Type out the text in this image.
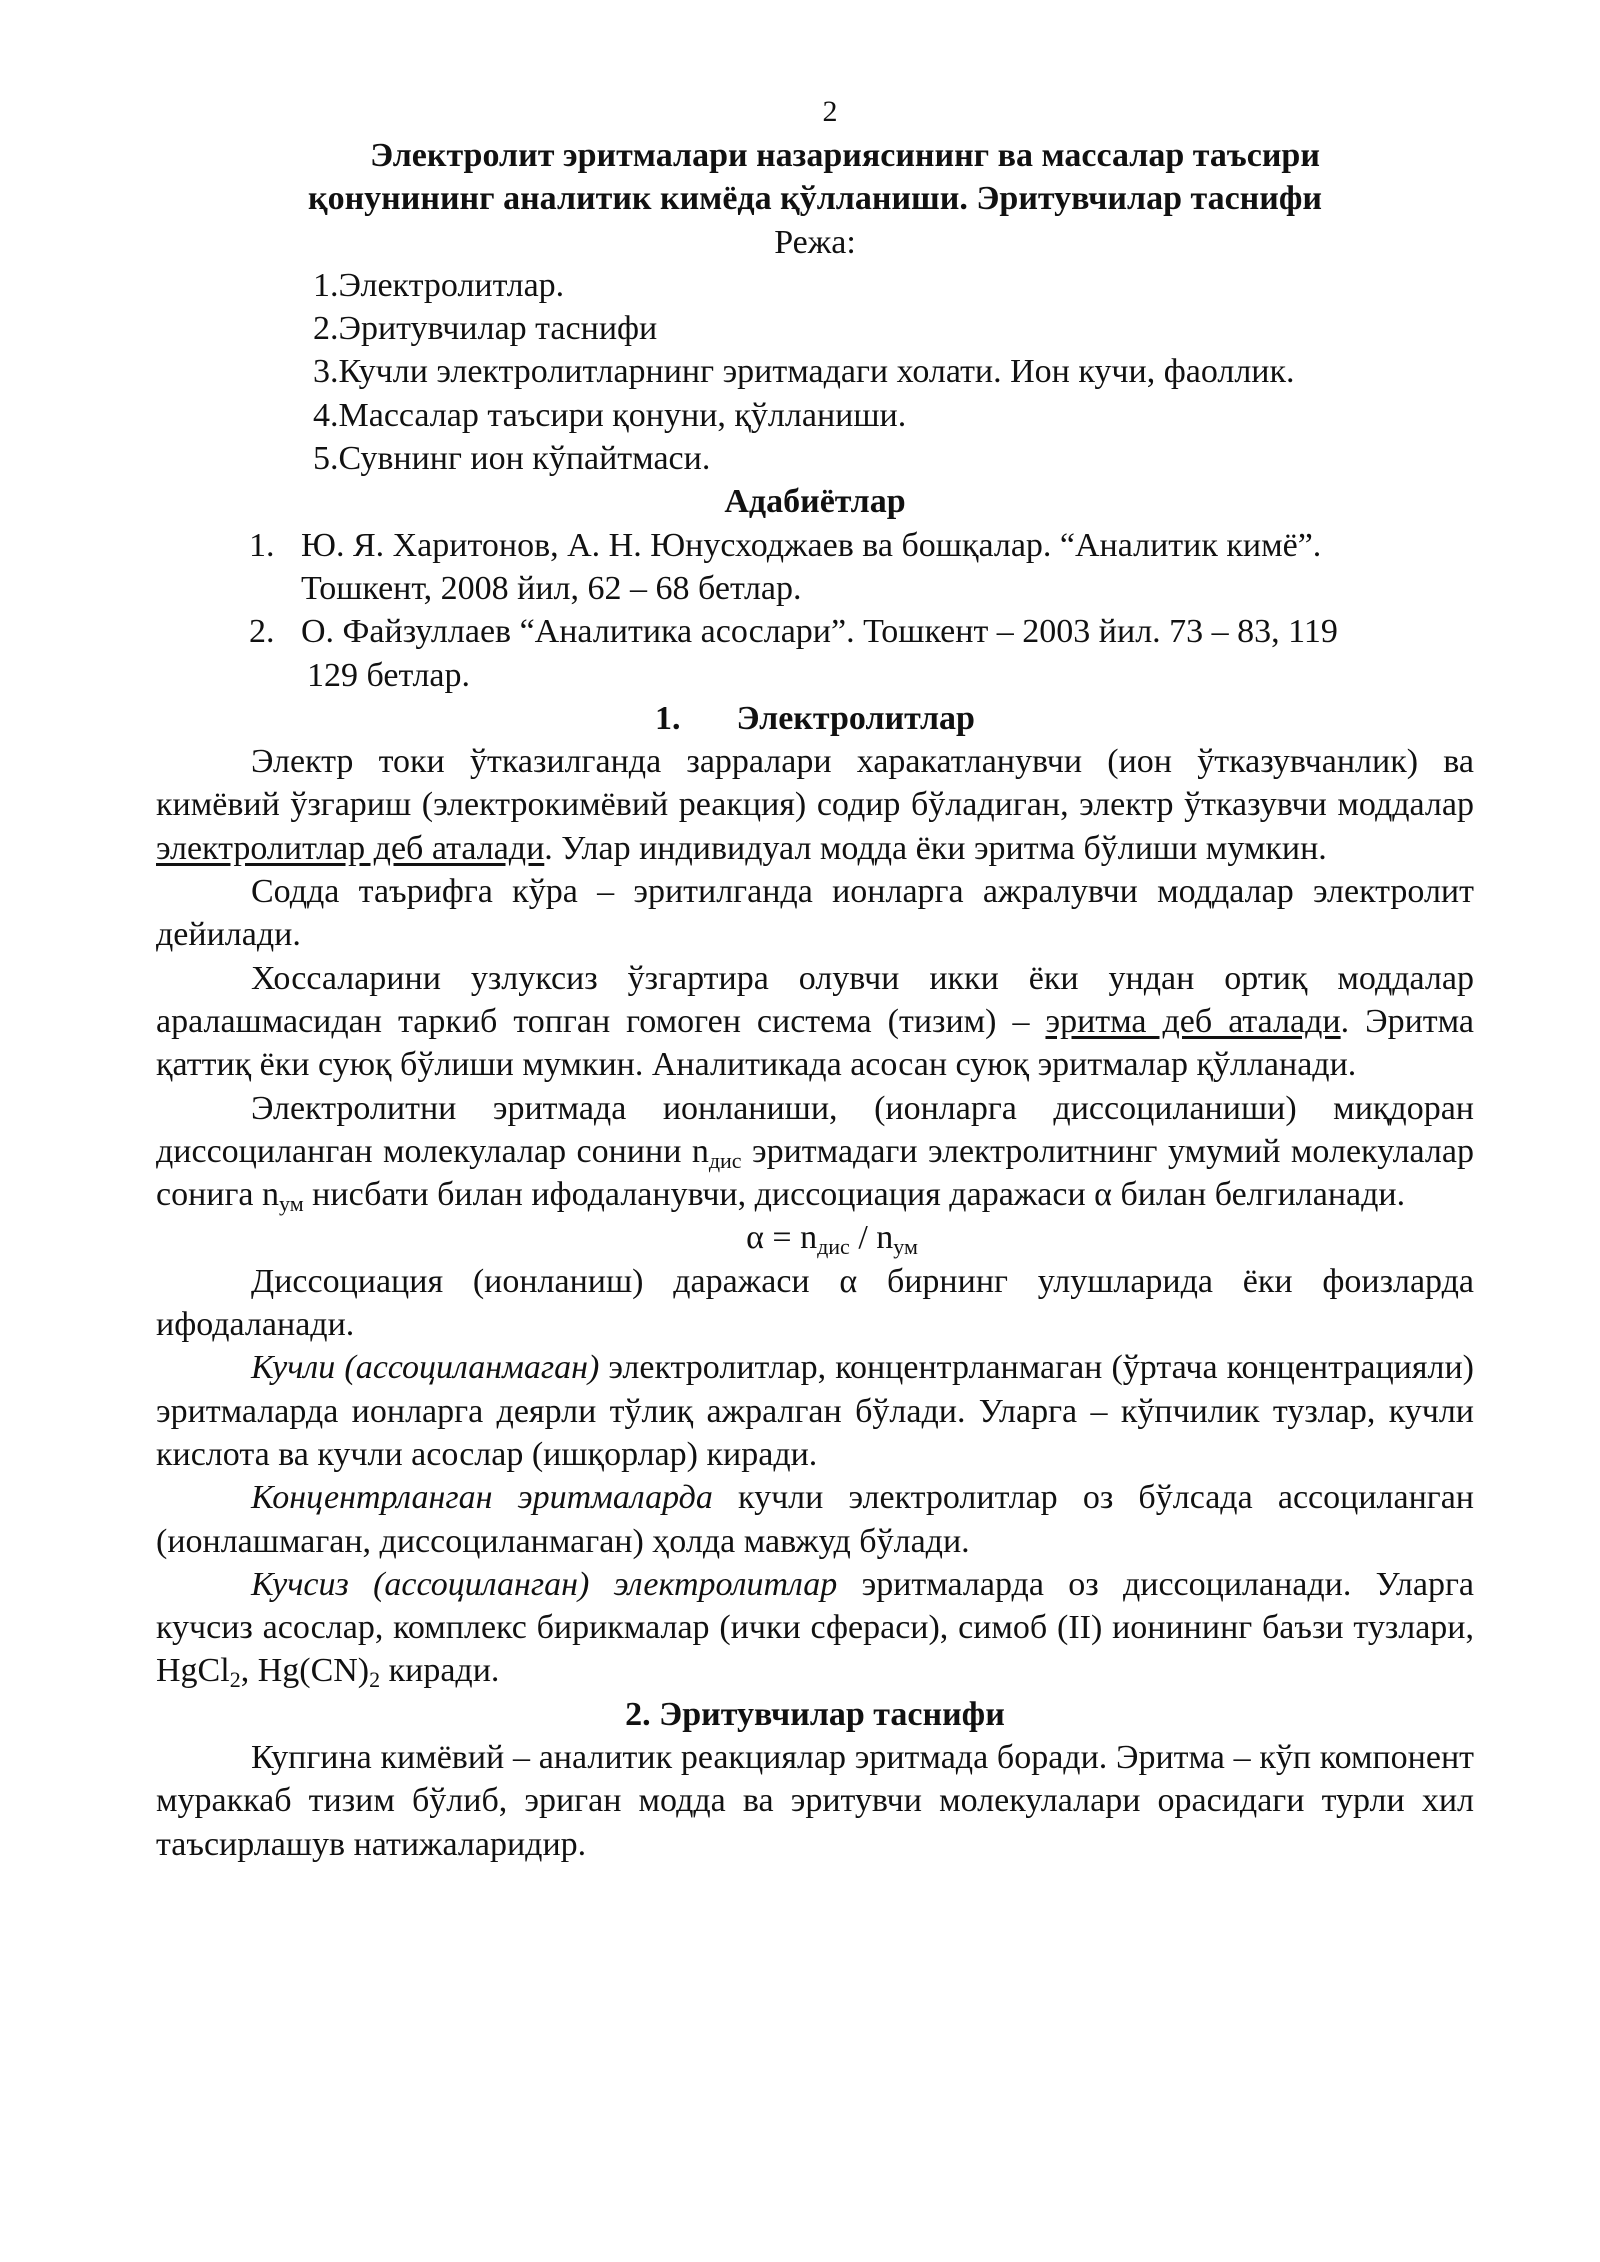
2
Электролит эритмалари назариясининг ва массалар таъсири
қонунининг аналитик кимёда қўлланиши. Эритувчилар таснифи
Режа:
1.Электролитлар.
2.Эритувчилар таснифи
3.Кучли электролитларнинг эритмадаги холати. Ион кучи, фаоллик.
4.Массалар таъсири қонуни, қўлланиши.
5.Сувнинг ион кўпайтмаси.
Адабиётлар
1. Ю. Я. Харитонов, А. Н. Юнусходжаев ва бошқалар. “Аналитик кимё”.
Тошкент, 2008 йил, 62 – 68 бетлар.
2. О. Файзуллаев “Аналитика асослари”. Тошкент – 2003 йил. 73 – 83, 119
129 бетлар.
1. Электролитлар

Электр токи ўтказилганда зарралари харакатланувчи (ион ўтказувчанлик) ва кимёвий ўзгариш (электрокимёвий реакция) содир бўладиган, электр ўтказувчи моддалар электролитлар деб аталади. Улар индивидуал модда ёки эритма бўлиши мумкин.

Содда таърифга кўра – эритилганда ионларга ажралувчи моддалар электролит дейилади.

Хоссаларини узлуксиз ўзгартира олувчи икки ёки ундан ортиқ моддалар аралашмасидан таркиб топган гомоген система (тизим) – эритма деб аталади. Эритма қаттиқ ёки суюқ бўлиши мумкин. Аналитикада асосан суюқ эритмалар қўлланади.

Электролитни эритмада ионланиши, (ионларга диссоциланиши) миқдоран диссоциланган молекулалар сонини $n_{дис}$ эритмадаги электролитнинг умумий молекулалар сонига $n_{ум}$ нисбати билан ифодаланувчи, диссоциация даражаси α билан белгиланади.

$\alpha = n_{дис} / n_{ум}$

Диссоциация (ионланиш) даражаси α бирнинг улушларида ёки фоизларда ифодаланади.

Кучли (ассоциланмаган) электролитлар, концентрланмаган (ўртача концентрацияли) эритмаларда ионларга деярли тўлиқ ажралган бўлади. Уларга – кўпчилик тузлар, кучли кислота ва кучли асослар (ишқорлар) киради.

Концентрланган эритмаларда кучли электролитлар оз бўлсада ассоциланган (ионлашмаган, диссоциланмаган) ҳолда мавжуд бўлади.

Кучсиз (ассоциланган) электролитлар эритмаларда оз диссоциланади. Уларга кучсиз асослар, комплекс бирикмалар (ички сфераси), симоб (II) ионининг баъзи тузлари, HgCl$_2$, $Hg(CN)_2$ киради.

2. Эритувчилар таснифи

Купгина кимёвий – аналитик реакциялар эритмада боради. Эритма – кўп компонент мураккаб тизим бўлиб, эриган модда ва эритувчи молекулалари орасидаги турли хил таъсирлашув натижаларидир.
